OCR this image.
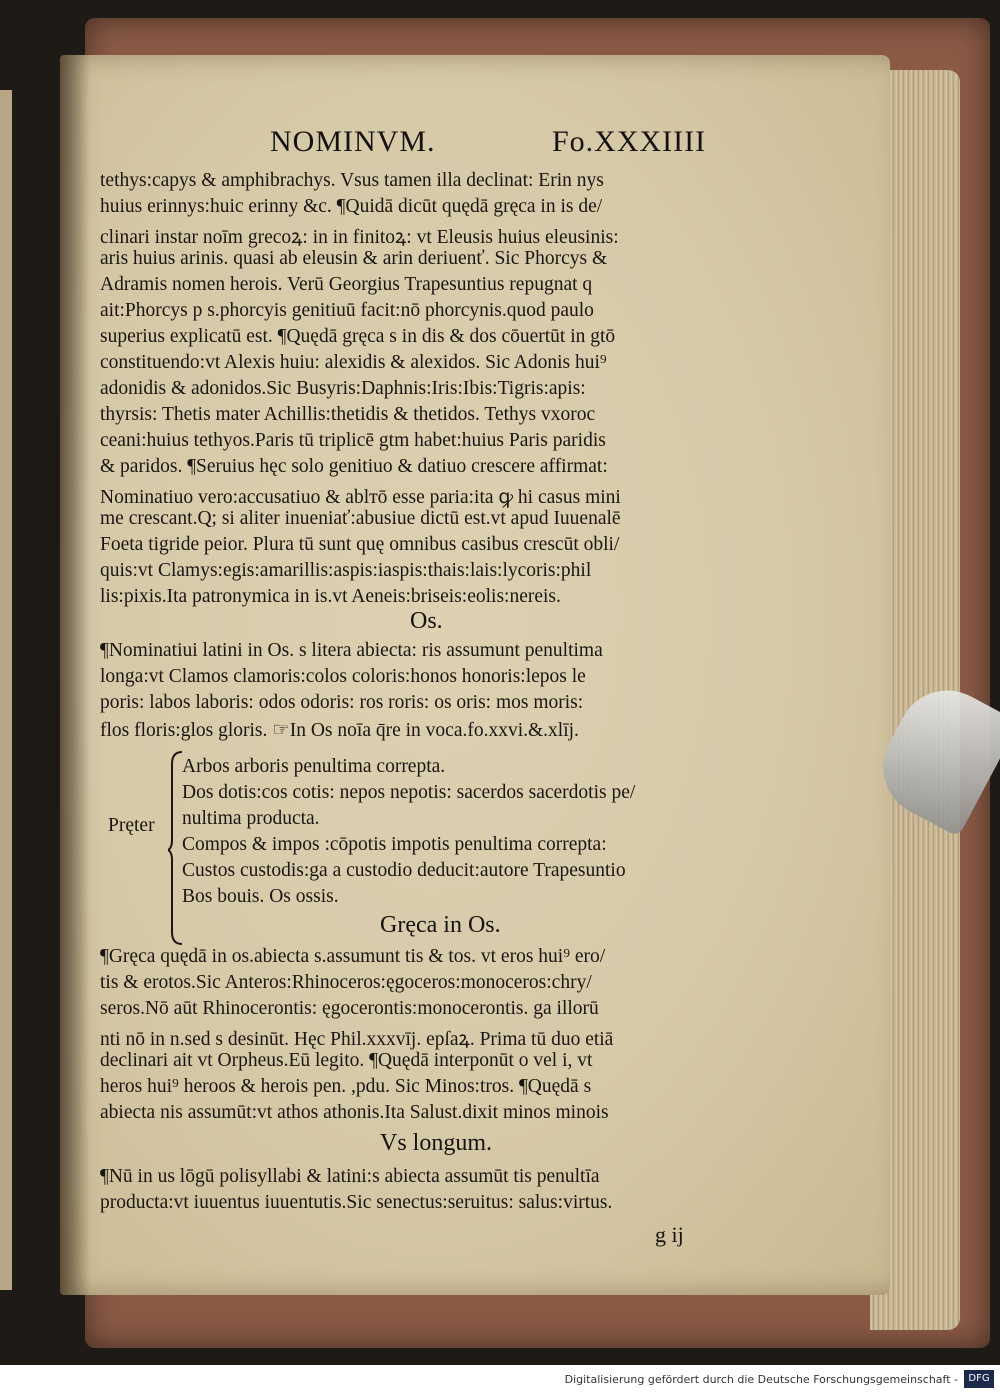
NOMINVM.	Fo.XXXIIII
tethys:capys & amphibrachys. Vsus tamen illa declinat: Erin nys
huius erinnys:huic erinny &c. ¶Quidā dicūt quędā gręca in is de/
clinari instar noīm grecoꝝ: in in finitoꝝ: vt Eleusis huius eleusinis:
aris huius arinis. quasi ab eleusin & arin deriuenť. Sic Phorcys &
Adramis nomen herois. Verū Georgius Trapesuntius repugnat q
ait:Phorcys p s.phorcyis genitiuū facit:nō phorcynis.quod paulo
superius explicatū est. ¶Quędā gręca s in dis & dos cōuertūt in gtō
constituendo:vt Alexis huiu: alexidis & alexidos. Sic Adonis hui⁹
adonidis & adonidos.Sic Busyris:Daphnis:Iris:Ibis:Tigris:apis:
thyrsis: Thetis mater Achillis:thetidis & thetidos. Tethys vxoroc
ceani:huius tethyos.Paris tū triplicē gtm habet:huius Paris paridis
& paridos. ¶Seruius hęc solo genitiuo & datiuo crescere affirmat:
Nominatiuo vero:accusatiuo & ablтō esse paria:ita ꝙ hi casus mini
me crescant.Q; si aliter inueniať:abusiue dictū est.vt apud Iuuenalē
Foeta tigride peior. Plura tū sunt quę omnibus casibus crescūt obli/
quis:vt Clamys:egis:amarillis:aspis:iaspis:thais:lais:lycoris:phil
lis:pixis.Ita patronymica in is.vt Aeneis:briseis:eolis:nereis.
Os.
¶Nominatiui latini in Os. s litera abiecta: ris assumunt penultima
longa:vt Clamos clamoris:colos coloris:honos honoris:lepos le
poris: labos laboris: odos odoris: ros roris: os oris: mos moris:
flos floris:glos gloris. ☞In Os noīa q̄re in voca.fo.xxvi.&.xlīj.
Pręter
Arbos arboris penultima correpta.
Dos dotis:cos cotis: nepos nepotis: sacerdos sacerdotis pe/
nultima producta.
Compos & impos :cōpotis impotis penultima correpta:
Custos custodis:ga a custodio deducit:autore Trapesuntio
Bos bouis. Os ossis.
Gręca in Os.
¶Gręca quędā in os.abiecta s.assumunt tis & tos. vt eros hui⁹ ero/
tis & erotos.Sic Anteros:Rhinoceros:ęgoceros:monoceros:chry/
seros.Nō aūt Rhinocerontis: ęgocerontis:monocerontis. ga illorū
nti nō in n.sed s desinūt. Hęc Phil.xxxvīj. epſaꝝ. Prima tū duo etiā
declinari ait vt Orpheus.Eū legito. ¶Quędā interponūt o vel i, vt
heros hui⁹ heroos & herois pen. ,pdu. Sic Minos:tros. ¶Quędā s
abiecta nis assumūt:vt athos athonis.Ita Salust.dixit minos minois
Vs longum.
¶Nū in us lōgū polisyllabi & latini:s abiecta assumūt tis penultīa
producta:vt iuuentus iuuentutis.Sic senectus:seruitus: salus:virtus.
g ij
Digitalisierung gefördert durch die Deutsche Forschungsgemeinschaft -	DFG
